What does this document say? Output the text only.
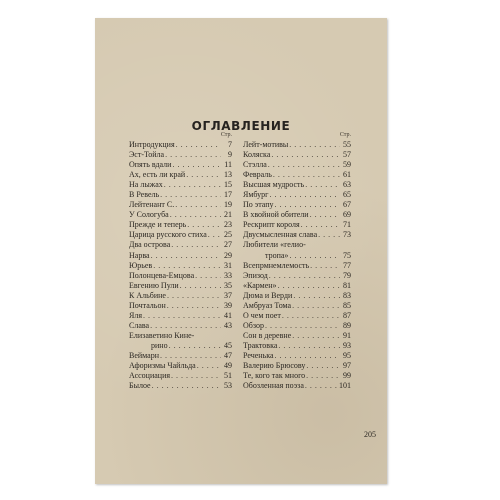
ОГЛАВЛЕНИЕ
Стр.
Интродукция . . .	7
Эст-Тойла . . .	9
Опять вдали . . .	11
Ах, есть ли край . . .	13
На лыжах . . .	15
В Ревель . . .	17
Лейтенант С. . . .	19
У Сологуба . . .	21
Прежде и теперь . . .	23
Царица русского стиха . . .	25
Два острова . . .	27
Нарва . . .	29
Юрьев . . .	31
Полонцева-Емцова . . .	33
Евгению Пули . . .	35
К Альбине . . .	37
Почтальон . . .	39
Яля . . .	41
Слава . . .	43
Елизаветино Кине-
рино . . .	45
Веймарн . . .	47
Афоризмы Чайльда . . .	49
Ассоциация . . .	51
Былое . . .	53
Стр.
Лейт-мотивы . . .	55
Коляска . . .	57
Стэлла . . .	59
Февраль . . .	61
Высшая мудрость . . .	63
Ямбург . . .	65
По этапу . . .	67
В хвойной обители . . .	69
Рескрипт короля . . .	71
Двусмысленная слава . . .	73
Любители «гелио-
тропа» . . .	75
Всепрмнемлемость . . .	77
Эпизод . . .	79
«Кармен» . . .	81
Дюма и Верди . . .	83
Амбруаз Тома . . .	85
О чем поет . . .	87
Обзор . . .	89
Сон в деревне . . .	91
Трактовка . . .	93
Реченька . . .	95
Валерию Брюсову . . .	97
Те, кого так много . . .	99
Обозленная поэза . . .	101
205
